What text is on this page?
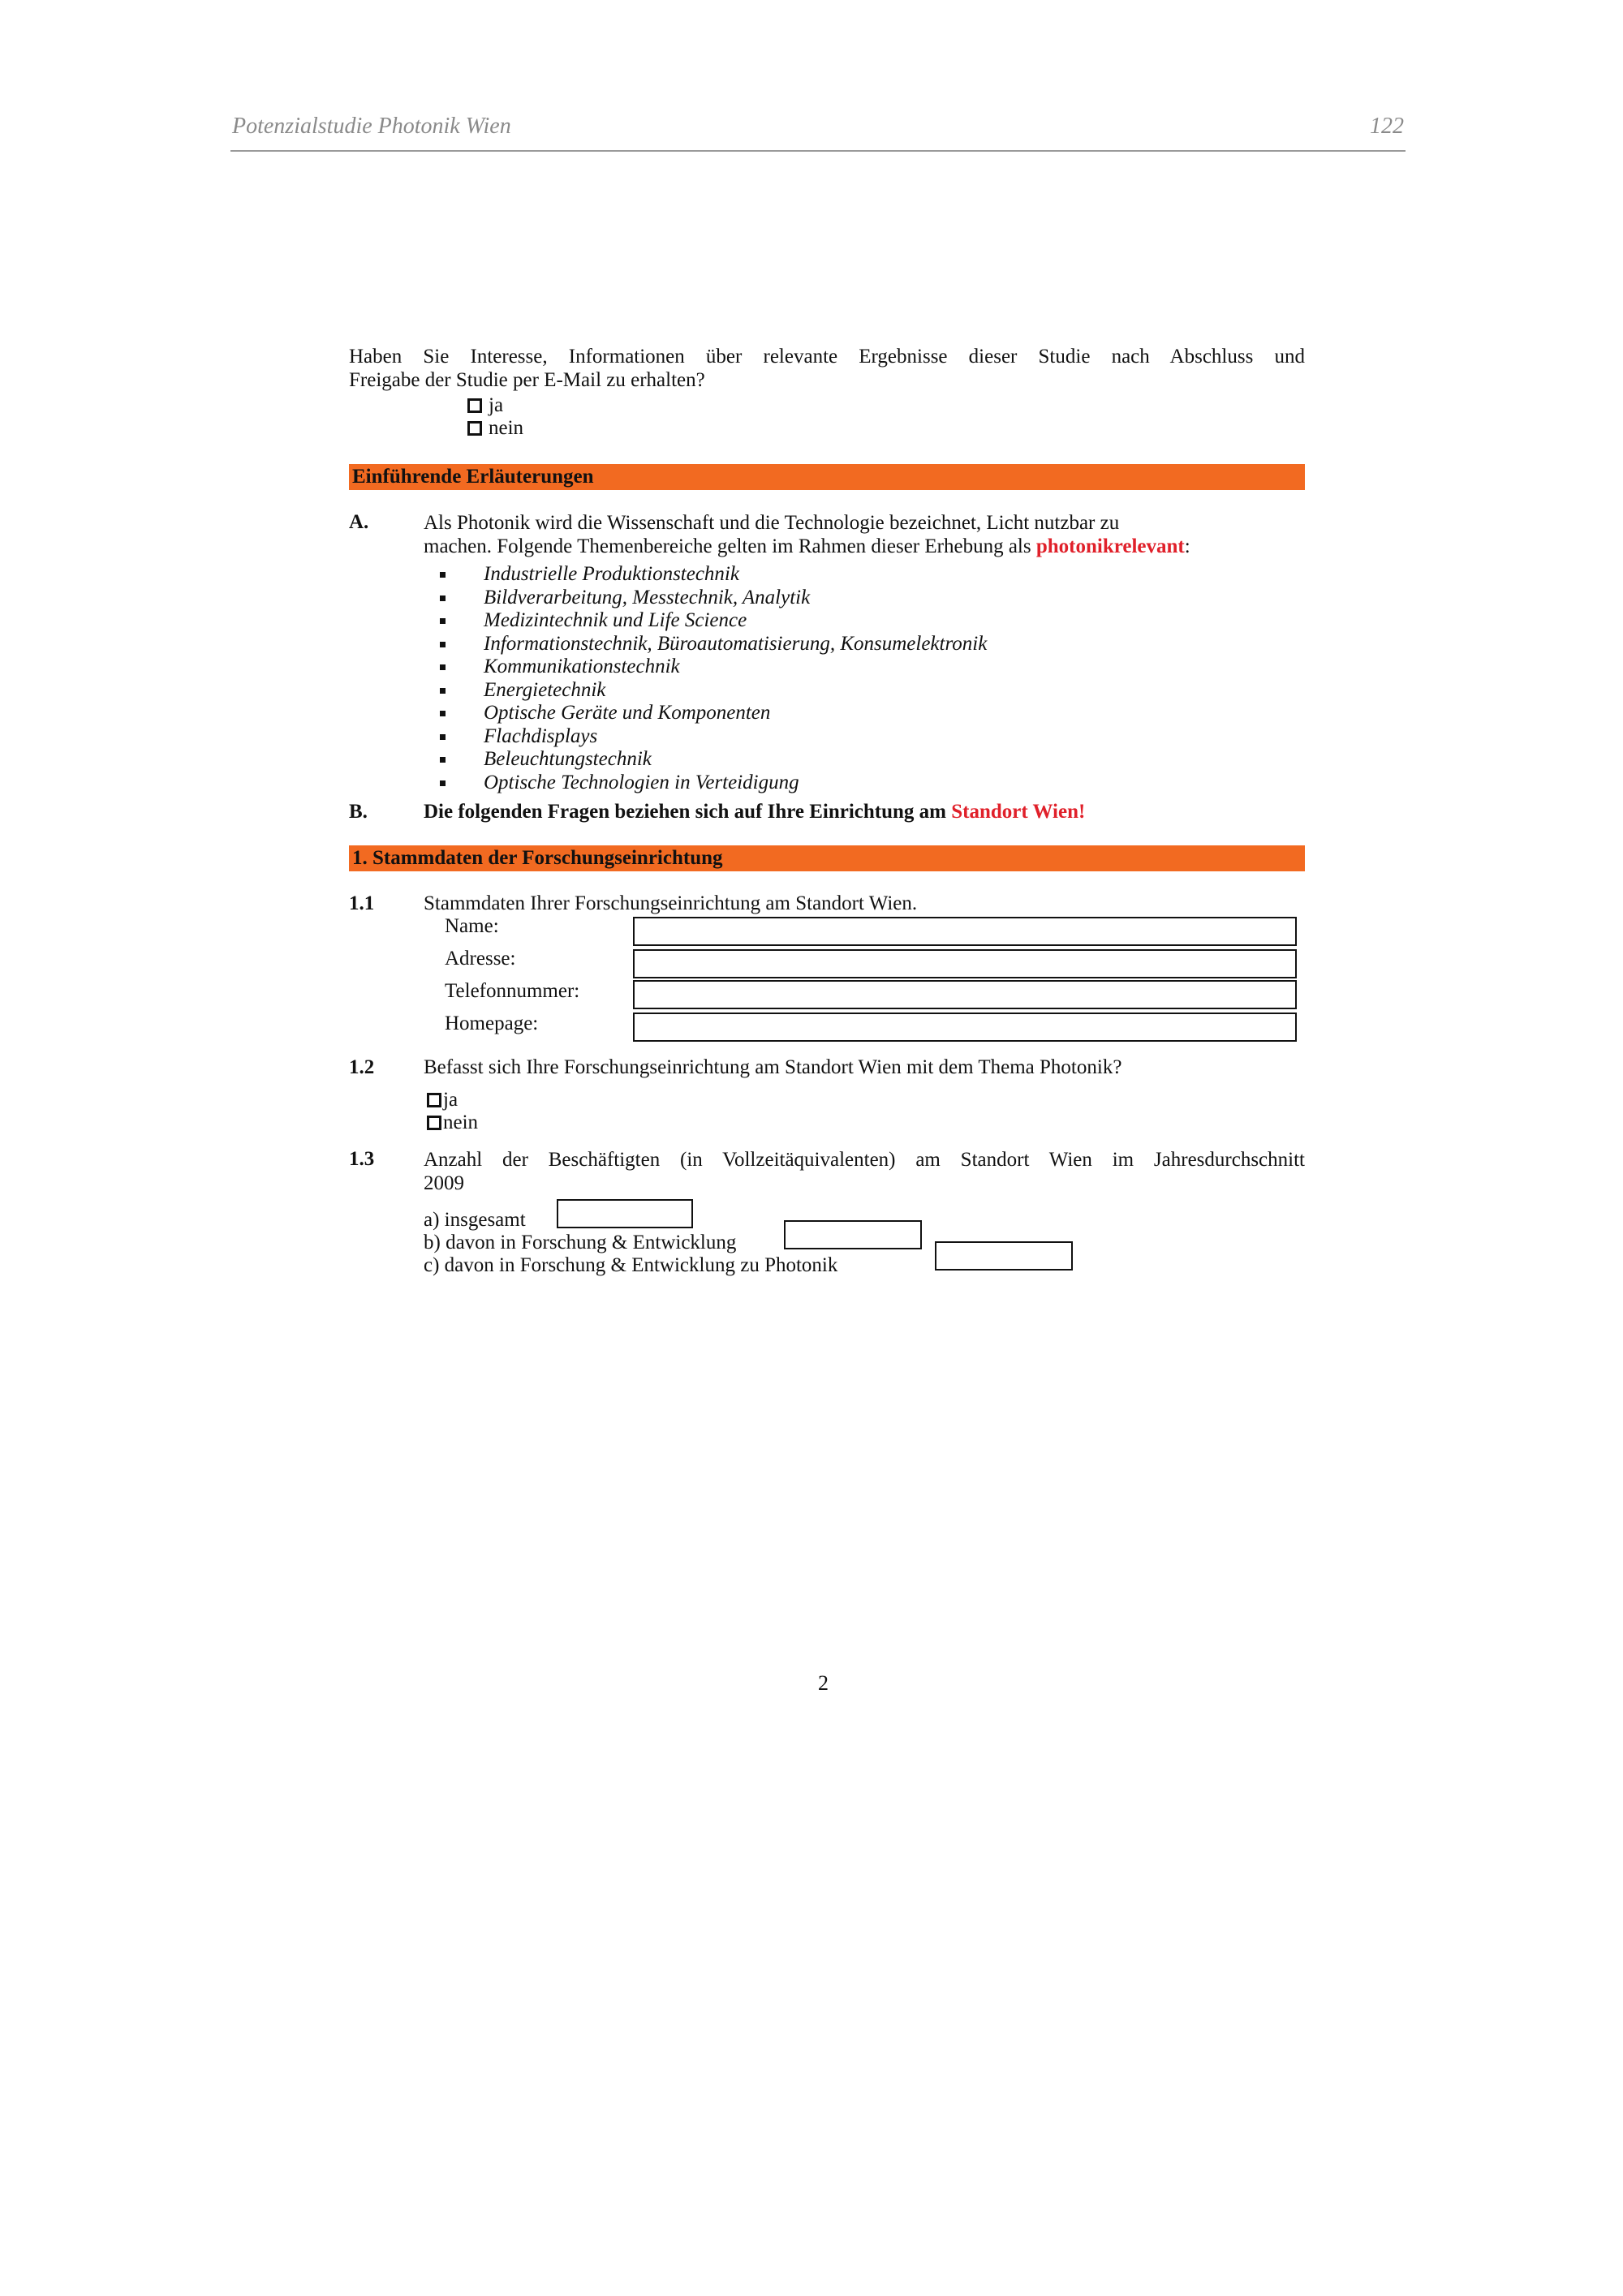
Potenzialstudie Photonik Wien	122
Haben Sie Interesse, Informationen über relevante Ergebnisse dieser Studie nach Abschluss und
Freigabe der Studie per E-Mail zu erhalten?
ja
nein
Einführende Erläuterungen
A.	Als Photonik wird die Wissenschaft und die Technologie bezeichnet, Licht nutzbar zu
machen. Folgende Themenbereiche gelten im Rahmen dieser Erhebung als photonikrelevant:
Industrielle Produktionstechnik
Bildverarbeitung, Messtechnik, Analytik
Medizintechnik und Life Science
Informationstechnik, Büroautomatisierung, Konsumelektronik
Kommunikationstechnik
Energietechnik
Optische Geräte und Komponenten
Flachdisplays
Beleuchtungstechnik
Optische Technologien in Verteidigung
B.	Die folgenden Fragen beziehen sich auf Ihre Einrichtung am Standort Wien!
1. Stammdaten der Forschungseinrichtung
1.1 Stammdaten Ihrer Forschungseinrichtung am Standort Wien.
Name:
Adresse:
Telefonnummer:
Homepage:
1.2 Befasst sich Ihre Forschungseinrichtung am Standort Wien mit dem Thema Photonik?
ja
nein
1.3 Anzahl der Beschäftigten (in Vollzeitäquivalenten) am Standort Wien im Jahresdurchschnitt
2009
a) insgesamt
b) davon in Forschung & Entwicklung
c) davon in Forschung & Entwicklung zu Photonik
2
